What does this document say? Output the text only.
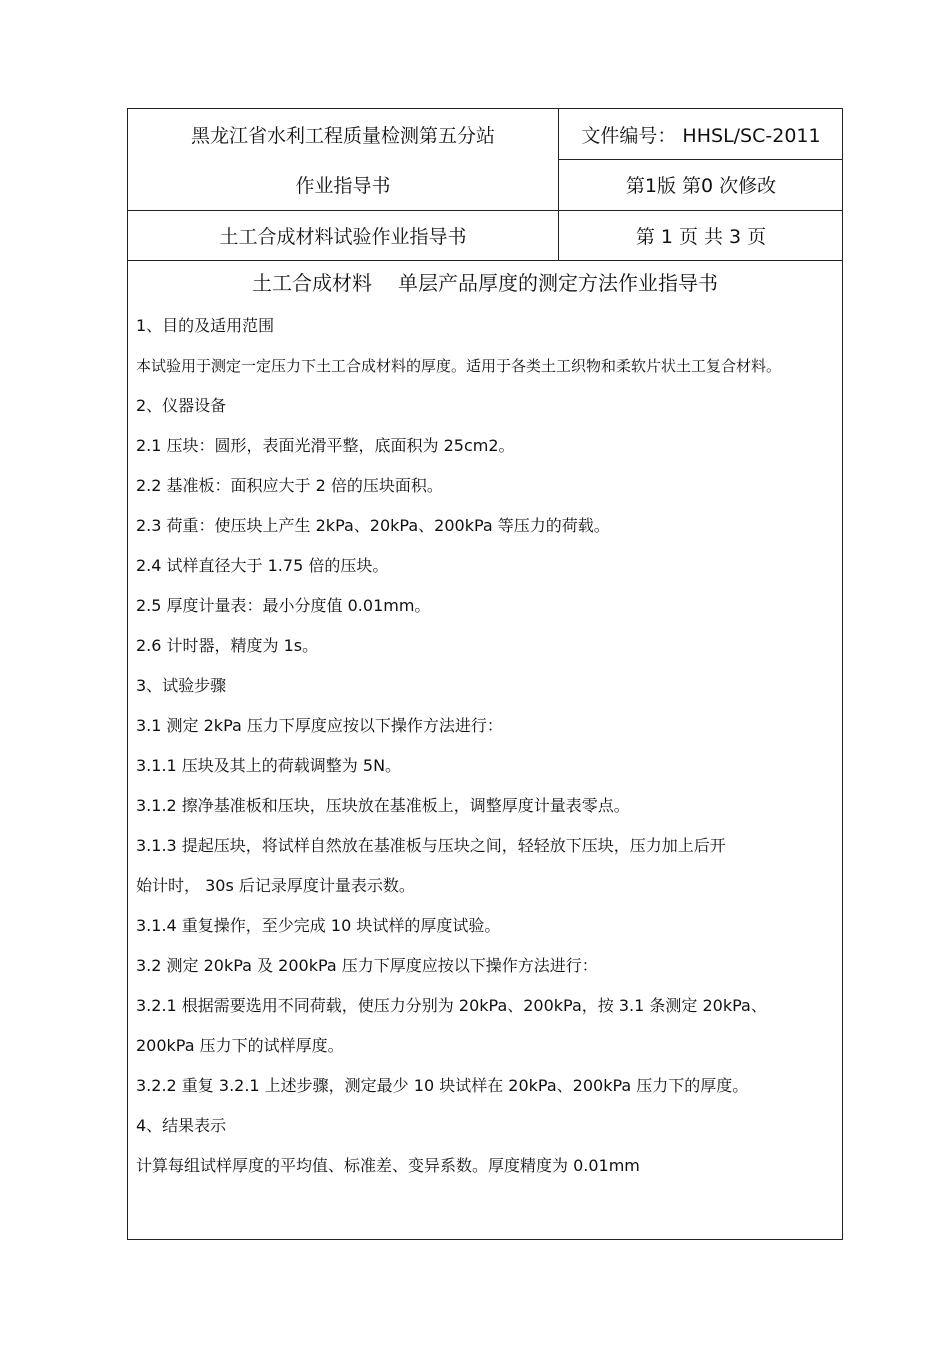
黑龙江省水利工程质量检测第五分站
作业指导书
文件编号： HHSL/SC-2011
第1版 第0 次修改
土工合成材料试验作业指导书	第 1 页 共 3 页
土工合成材料 单层产品厚度的测定方法作业指导书
1、目的及适用范围
本试验用于测定一定压力下土工合成材料的厚度。适用于各类土工织物和柔软片状土工复合材料。
2、仪器设备
2.1 压块：圆形，表面光滑平整，底面积为 25cm2。
2.2 基准板：面积应大于 2 倍的压块面积。
2.3 荷重：使压块上产生 2kPa、20kPa、200kPa 等压力的荷载。
2.4 试样直径大于 1.75 倍的压块。
2.5 厚度计量表：最小分度值 0.01mm。
2.6 计时器，精度为 1s。
3、试验步骤
3.1 测定 2kPa 压力下厚度应按以下操作方法进行：
3.1.1 压块及其上的荷载调整为 5N。
3.1.2 擦净基准板和压块，压块放在基准板上，调整厚度计量表零点。
3.1.3 提起压块，将试样自然放在基准板与压块之间，轻轻放下压块，压力加上后开
始计时， 30s 后记录厚度计量表示数。
3.1.4 重复操作，至少完成 10 块试样的厚度试验。
3.2 测定 20kPa 及 200kPa 压力下厚度应按以下操作方法进行：
3.2.1 根据需要选用不同荷载，使压力分别为 20kPa、200kPa，按 3.1 条测定 20kPa、
200kPa 压力下的试样厚度。
3.2.2 重复 3.2.1 上述步骤，测定最少 10 块试样在 20kPa、200kPa 压力下的厚度。
4、结果表示
计算每组试样厚度的平均值、标准差、变异系数。厚度精度为 0.01mm
